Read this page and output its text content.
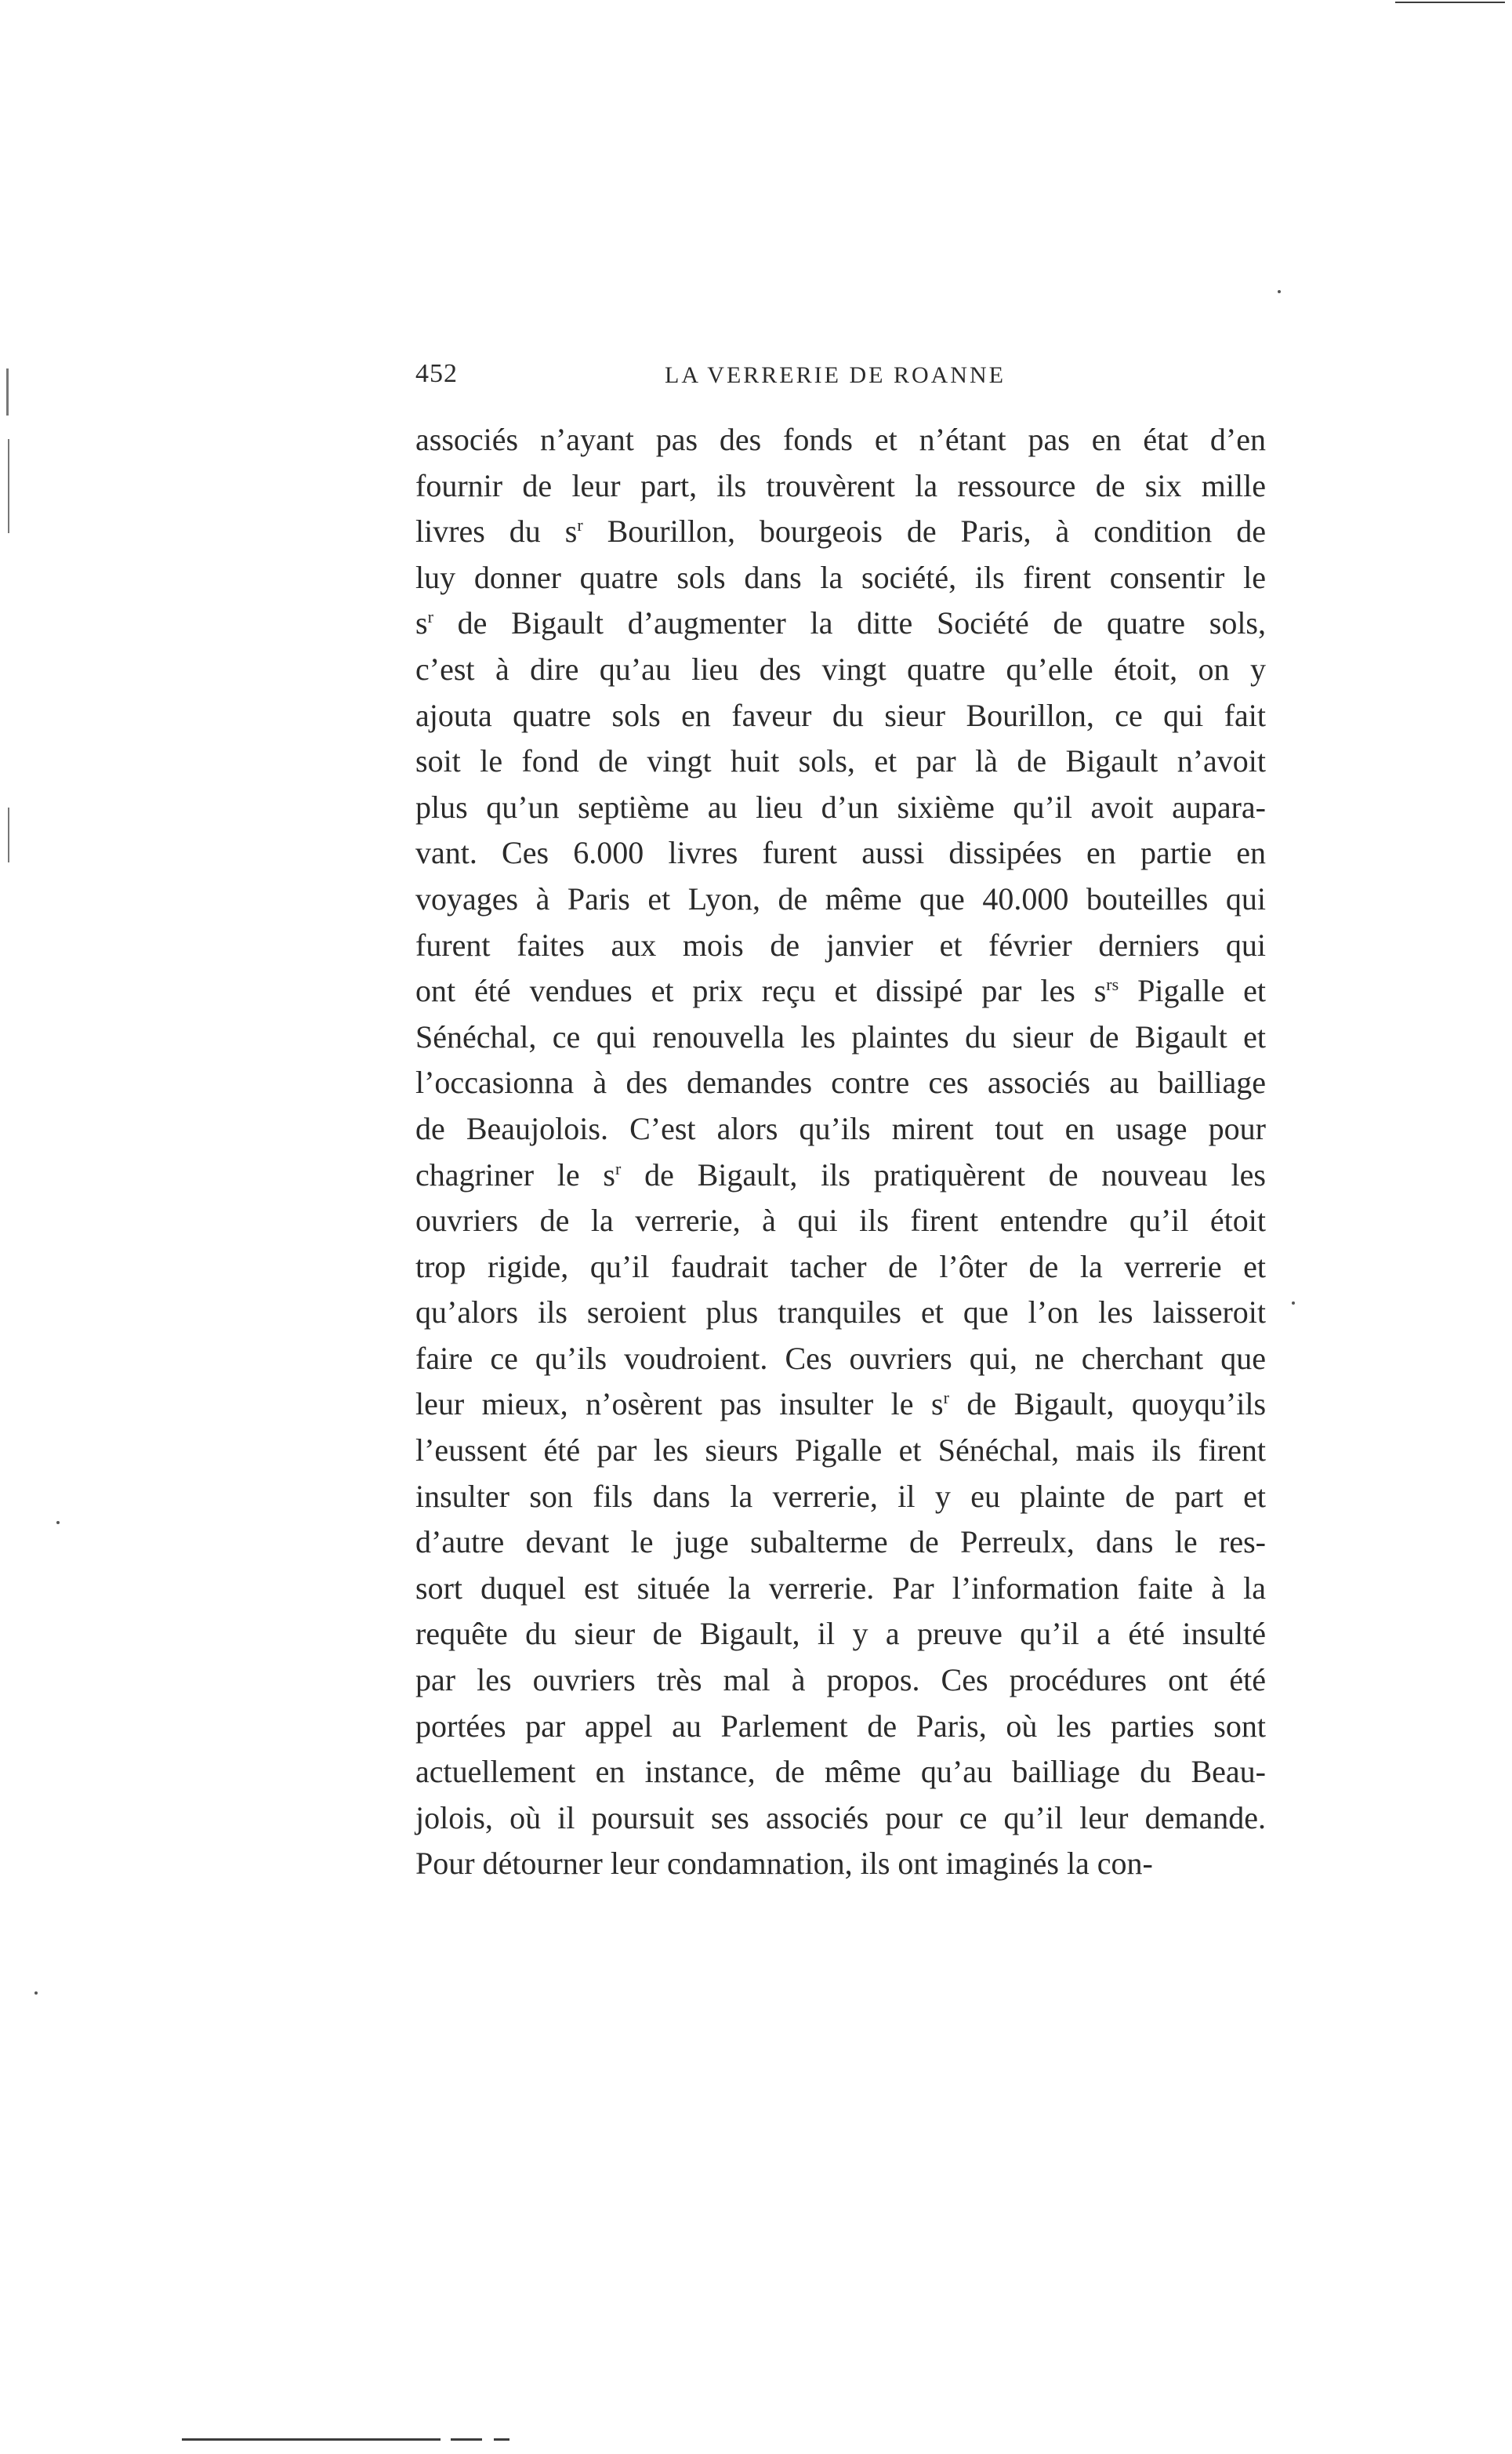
452	LA VERRERIE DE ROANNE
associés n’ayant pas des fonds et n’étant pas en état d’en
fournir de leur part, ils trouvèrent la ressource de six mille
livres du $s^r$ Bourillon, bourgeois de Paris, à condition de
luy donner quatre sols dans la société, ils firent consentir le
$s^r$ de Bigault d’augmenter la ditte Société de quatre sols,
c’est à dire qu’au lieu des vingt quatre qu’elle étoit, on y
ajouta quatre sols en faveur du sieur Bourillon, ce qui fait
soit le fond de vingt huit sols, et par là de Bigault n’avoit
plus qu’un septième au lieu d’un sixième qu’il avoit aupara-
vant. Ces 6.000 livres furent aussi dissipées en partie en
voyages à Paris et Lyon, de même que 40.000 bouteilles qui
furent faites aux mois de janvier et février derniers qui
ont été vendues et prix reçu et dissipé par les $s^{rs}$ Pigalle et
Sénéchal, ce qui renouvella les plaintes du sieur de Bigault et
l’occasionna à des demandes contre ces associés au bailliage
de Beaujolois. C’est alors qu’ils mirent tout en usage pour
chagriner le $s^r$ de Bigault, ils pratiquèrent de nouveau les
ouvriers de la verrerie, à qui ils firent entendre qu’il étoit
trop rigide, qu’il faudrait tacher de l’ôter de la verrerie et
qu’alors ils seroient plus tranquiles et que l’on les laisseroit
faire ce qu’ils voudroient. Ces ouvriers qui, ne cherchant que
leur mieux, n’osèrent pas insulter le $s^r$ de Bigault, quoyqu’ils
l’eussent été par les sieurs Pigalle et Sénéchal, mais ils firent
insulter son fils dans la verrerie, il y eu plainte de part et
d’autre devant le juge subalterme de Perreulx, dans le res-
sort duquel est située la verrerie. Par l’information faite à la
requête du sieur de Bigault, il y a preuve qu’il a été insulté
par les ouvriers très mal à propos. Ces procédures ont été
portées par appel au Parlement de Paris, où les parties sont
actuellement en instance, de même qu’au bailliage du Beau-
jolois, où il poursuit ses associés pour ce qu’il leur demande.
Pour détourner leur condamnation, ils ont imaginés la con-
